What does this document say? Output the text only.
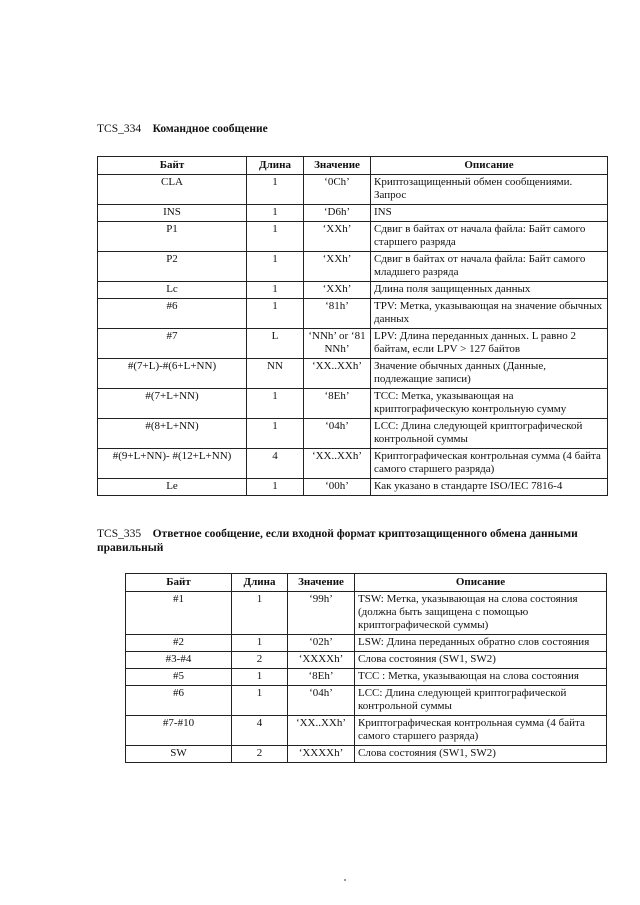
TCS_334 Командное сообщение
Байт	Длина	Значение	Описание
CLA	1	‘0Ch’	Криптозащищенный обмен сообщениями. Запрос
INS	1	‘D6h’	INS
P1	1	‘XXh’	Сдвиг в байтах от начала файла: Байт самого старшего разряда
P2	1	‘XXh’	Сдвиг в байтах от начала файла: Байт самого младшего разряда
Lc	1	‘XXh’	Длина поля защищенных данных
#6	1	‘81h’	TPV: Метка, указывающая на значение обычных данных
#7	L	‘NNh’ or ‘81 NNh’	LPV: Длина переданных данных. L равно 2 байтам, если LPV > 127 байтов
#(7+L)-#(6+L+NN)	NN	‘XX..XXh’	Значение обычных данных (Данные, подлежащие записи)
#(7+L+NN)	1	‘8Eh’	TCC: Метка, указывающая на криптографическую контрольную сумму
#(8+L+NN)	1	‘04h’	LCC: Длина следующей криптографической контрольной суммы
#(9+L+NN)- #(12+L+NN)	4	‘XX..XXh’	Криптографическая контрольная сумма (4 байта самого старшего разряда)
Le	1	‘00h’	Как указано в стандарте ISO/IEC 7816-4
TCS_335 Ответное сообщение, если входной формат криптозащищенного обмена данными правильный
Байт	Длина	Значение	Описание
#1	1	‘99h’	TSW: Метка, указывающая на слова состояния (должна быть защищена с помощью криптографической суммы)
#2	1	‘02h’	LSW: Длина переданных обратно слов состояния
#3-#4	2	‘XXXXh’	Слова состояния (SW1, SW2)
#5	1	‘8Eh’	TCC : Метка, указывающая на слова состояния
#6	1	‘04h’	LCC: Длина следующей криптографической контрольной суммы
#7-#10	4	‘XX..XXh’	Криптографическая контрольная сумма (4 байта самого старшего разряда)
SW	2	‘XXXXh’	Слова состояния (SW1, SW2)
